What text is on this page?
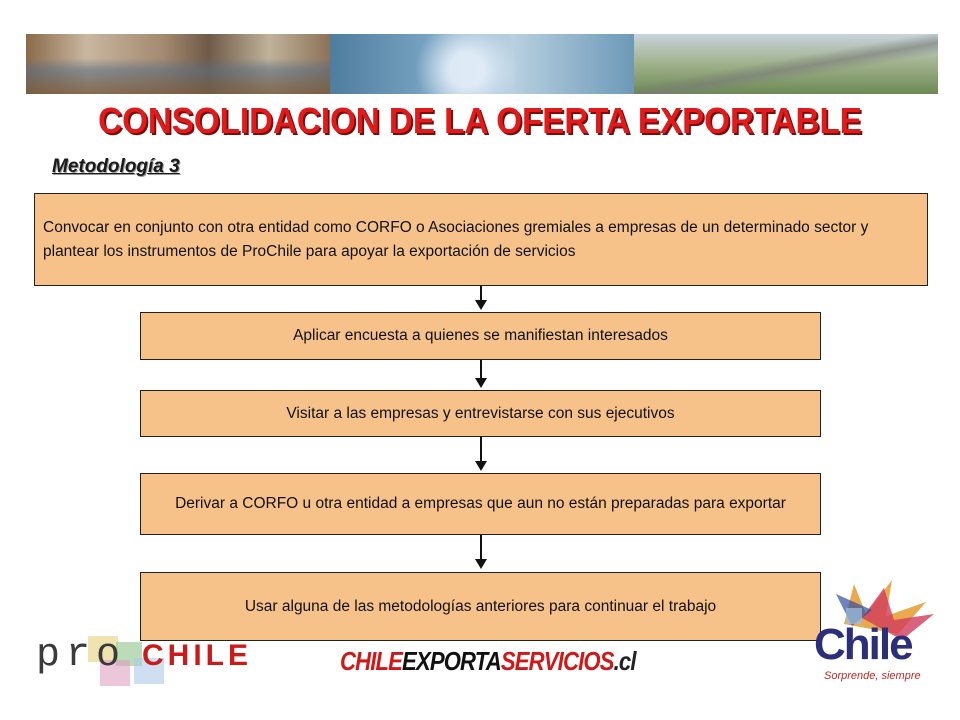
CONSOLIDACION DE LA OFERTA EXPORTABLE
Metodología 3
Convocar en conjunto con otra entidad como CORFO o Asociaciones gremiales a empresas de un determinado sector y plantear los instrumentos de ProChile para apoyar la exportación de servicios
Aplicar encuesta a quienes se manifiestan interesados
Visitar a las empresas y entrevistarse con sus ejecutivos
Derivar a CORFO u otra entidad a empresas que aun no están preparadas para exportar
Usar alguna de las metodologías anteriores para continuar el trabajo
pro CHILE	CHILEEXPORTASERVICIOS.cl	Chile
Sorprende, siempre
